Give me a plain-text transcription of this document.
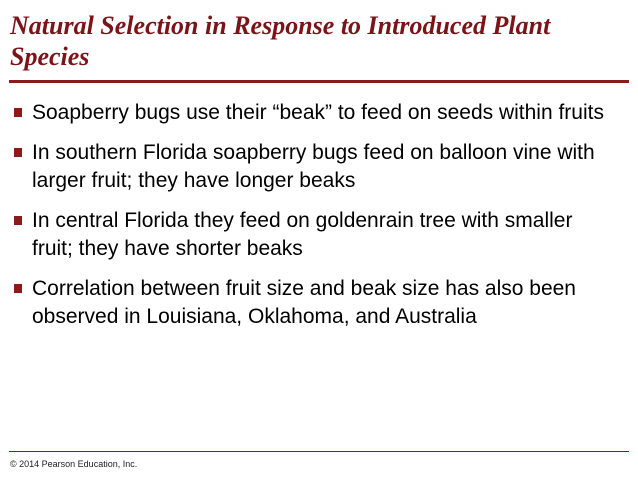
Natural Selection in Response to Introduced Plant Species
Soapberry bugs use their “beak” to feed on seeds within fruits
In southern Florida soapberry bugs feed on balloon vine with larger fruit; they have longer beaks
In central Florida they feed on goldenrain tree with smaller fruit; they have shorter beaks
Correlation between fruit size and beak size has also been observed in Louisiana, Oklahoma, and Australia
© 2014 Pearson Education, Inc.
